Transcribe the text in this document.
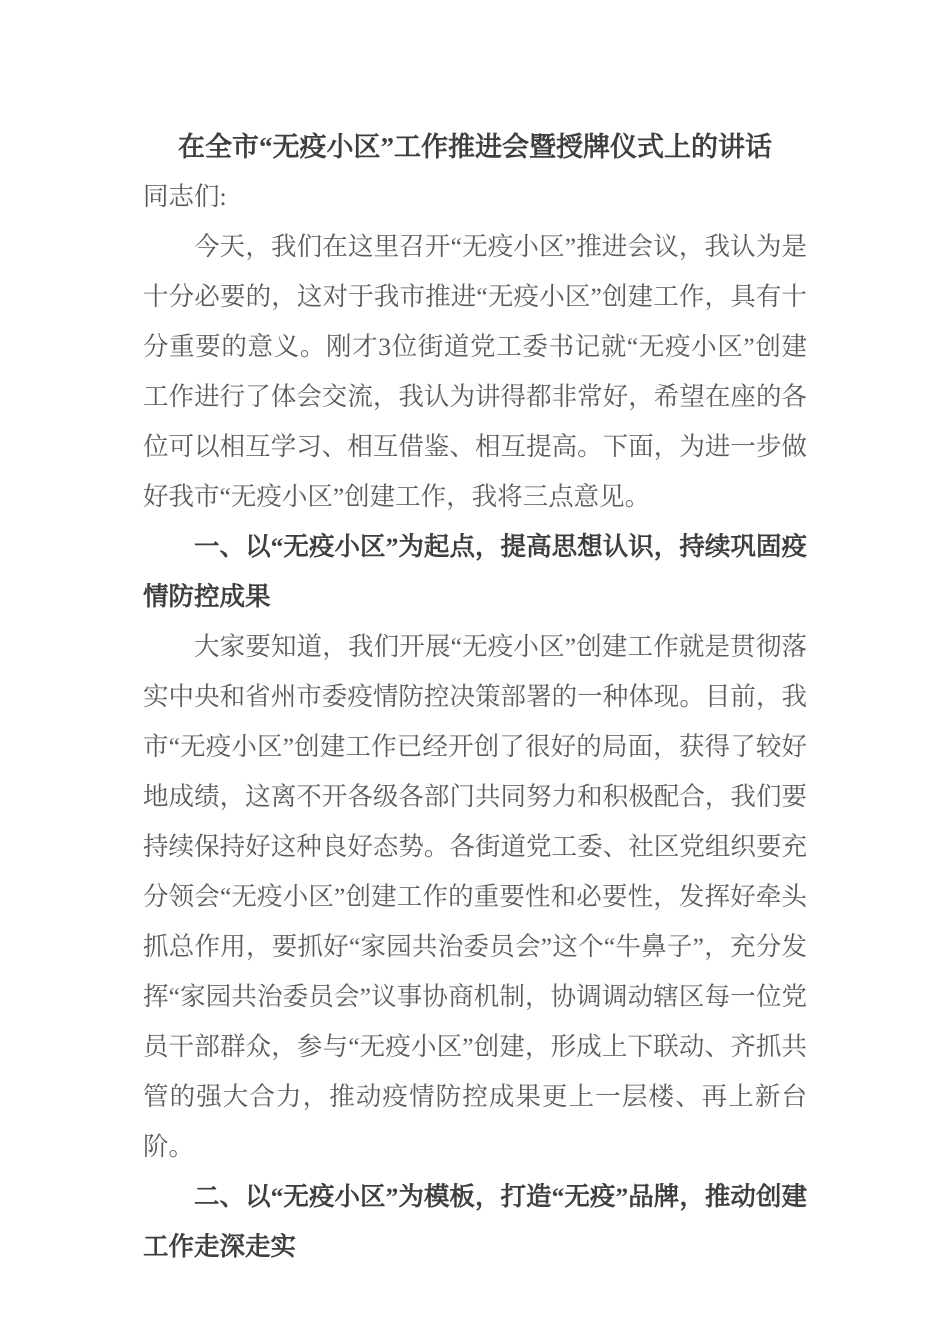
在全市“无疫小区”工作推进会暨授牌仪式上的讲话

同志们:

今天，我们在这里召开“无疫小区”推进会议，我认为是十分必要的，这对于我市推进“无疫小区”创建工作，具有十分重要的意义。刚才3位街道党工委书记就“无疫小区”创建工作进行了体会交流，我认为讲得都非常好，希望在座的各位可以相互学习、相互借鉴、相互提高。下面，为进一步做好我市“无疫小区”创建工作，我将三点意见。

一、以“无疫小区”为起点，提高思想认识，持续巩固疫情防控成果

大家要知道，我们开展“无疫小区”创建工作就是贯彻落实中央和省州市委疫情防控决策部署的一种体现。目前，我市“无疫小区”创建工作已经开创了很好的局面，获得了较好地成绩，这离不开各级各部门共同努力和积极配合，我们要持续保持好这种良好态势。各街道党工委、社区党组织要充分领会“无疫小区”创建工作的重要性和必要性，发挥好牵头抓总作用，要抓好“家园共治委员会”这个“牛鼻子”，充分发挥“家园共治委员会”议事协商机制，协调调动辖区每一位党员干部群众，参与“无疫小区”创建，形成上下联动、齐抓共管的强大合力，推动疫情防控成果更上一层楼、再上新台阶。

二、以“无疫小区”为模板，打造“无疫”品牌，推动创建工作走深走实
